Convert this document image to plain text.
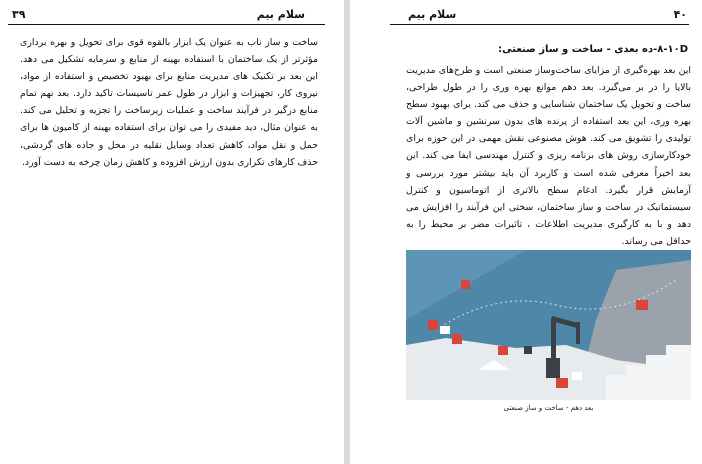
سلام بیم
۳۹
ساخت و ساز ناب به عنوان یک ابزار بالقوه قوی برای تحویل و بهره برداری مؤثرتر از یک ساختمان با استفاده بهینه از منابع و سرمایه تشکیل می دهد. این بعد بر تکنیک های مدیریت منابع برای بهبود تخصیص و استفاده از مواد، نیروی کار، تجهیزات و ابزار در طول عمر تاسیسات تاکید دارد. بعد نهم تمام منابع درگیر در فرآیند ساخت و عملیات زیرساخت را تجزیه و تحلیل می کند. به عنوان مثال، دید مفیدی را می توان برای استفاده بهینه از کامیون ها برای حمل و نقل مواد، کاهش تعداد وسایل نقلیه در محل و جاده های گردشی، حذف کارهای تکراری بدون ارزش افزوده و کاهش زمان چرخه به دست آورد.
۴۰
سلام بیم
۸-۱۰D-ده بعدی - ساخت و ساز صنعتی:
این بعد بهره‌گیری از مزایای ساخت‌وساز صنعتی است و طرح‌های مدیریت بالایا را در بر می‌گیرد. بعد دهم موانع بهره وری را در طول طراحی، ساخت و تحویل یک ساختمان شناسایی و حذف می کند. برای بهبود سطح بهره وری، این بعد استفاده از پرنده های بدون سرنشین و ماشین آلات تولیدی را تشویق می کند. هوش مصنوعی نقش مهمی در این حوزه برای خودکارسازی روش های برنامه ریزی و کنترل مهندسی ایفا می کند. این بعد اخیراً معرفی شده است و کاربرد آن باید بیشتر مورد بررسی و آزمایش قرار بگیرد. ادغام سطح بالاتری از اتوماسیون و کنترل سیستماتیک در ساخت و ساز ساختمان، سختی این فرآیند را افزایش می دهد و با به کارگیری مدیریت اطلاعات ، تاثیرات مضر بر محیط را به حداقل می رساند.
بعد دهم - ساخت و ساز صنعتی
